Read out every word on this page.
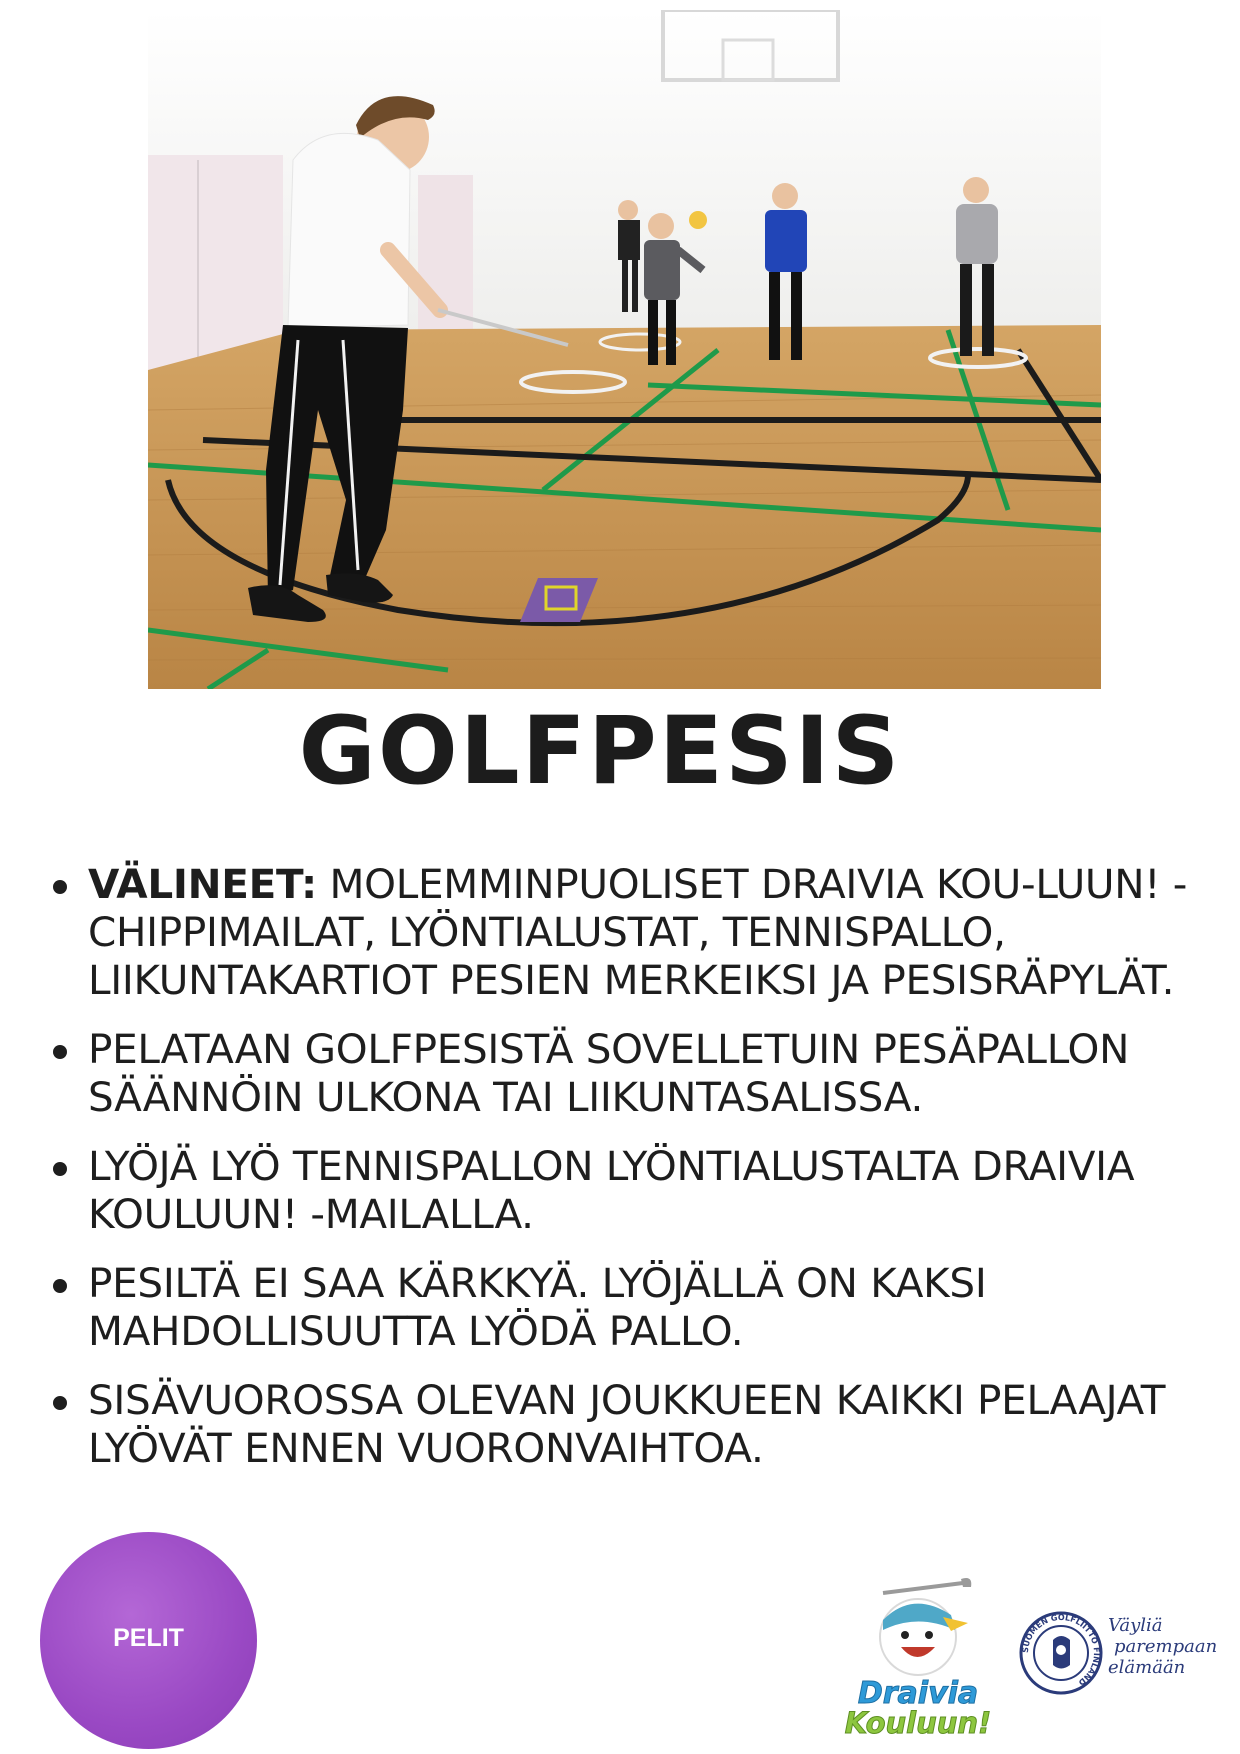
GOLFPESIS
VÄLINEET: MOLEMMINPUOLISET DRAIVIA KOU-LUUN! -CHIPPIMAILAT, LYÖNTIALUSTAT, TENNISPALLO, LIIKUNTAKARTIOT PESIEN MERKEIKSI JA PESISRÄPYLÄT.
PELATAAN GOLFPESISTÄ SOVELLETUIN PESÄPALLON SÄÄNNÖIN ULKONA TAI LIIKUNTASALISSA.
LYÖJÄ LYÖ TENNISPALLON LYÖNTIALUSTALTA DRAIVIA KOULUUN! -MAILALLA.
PESILTÄ EI SAA KÄRKKYÄ. LYÖJÄLLÄ ON KAKSI MAHDOLLISUUTTA LYÖDÄ PALLO.
SISÄVUOROSSA OLEVAN JOUKKUEEN KAIKKI PELAAJAT LYÖVÄT ENNEN VUORONVAIHTOA.
PELIT
Draivia
Kouluun!
SUOMEN GOLFLIITTO FINLAND
Väyliä
parempaan
elämään
